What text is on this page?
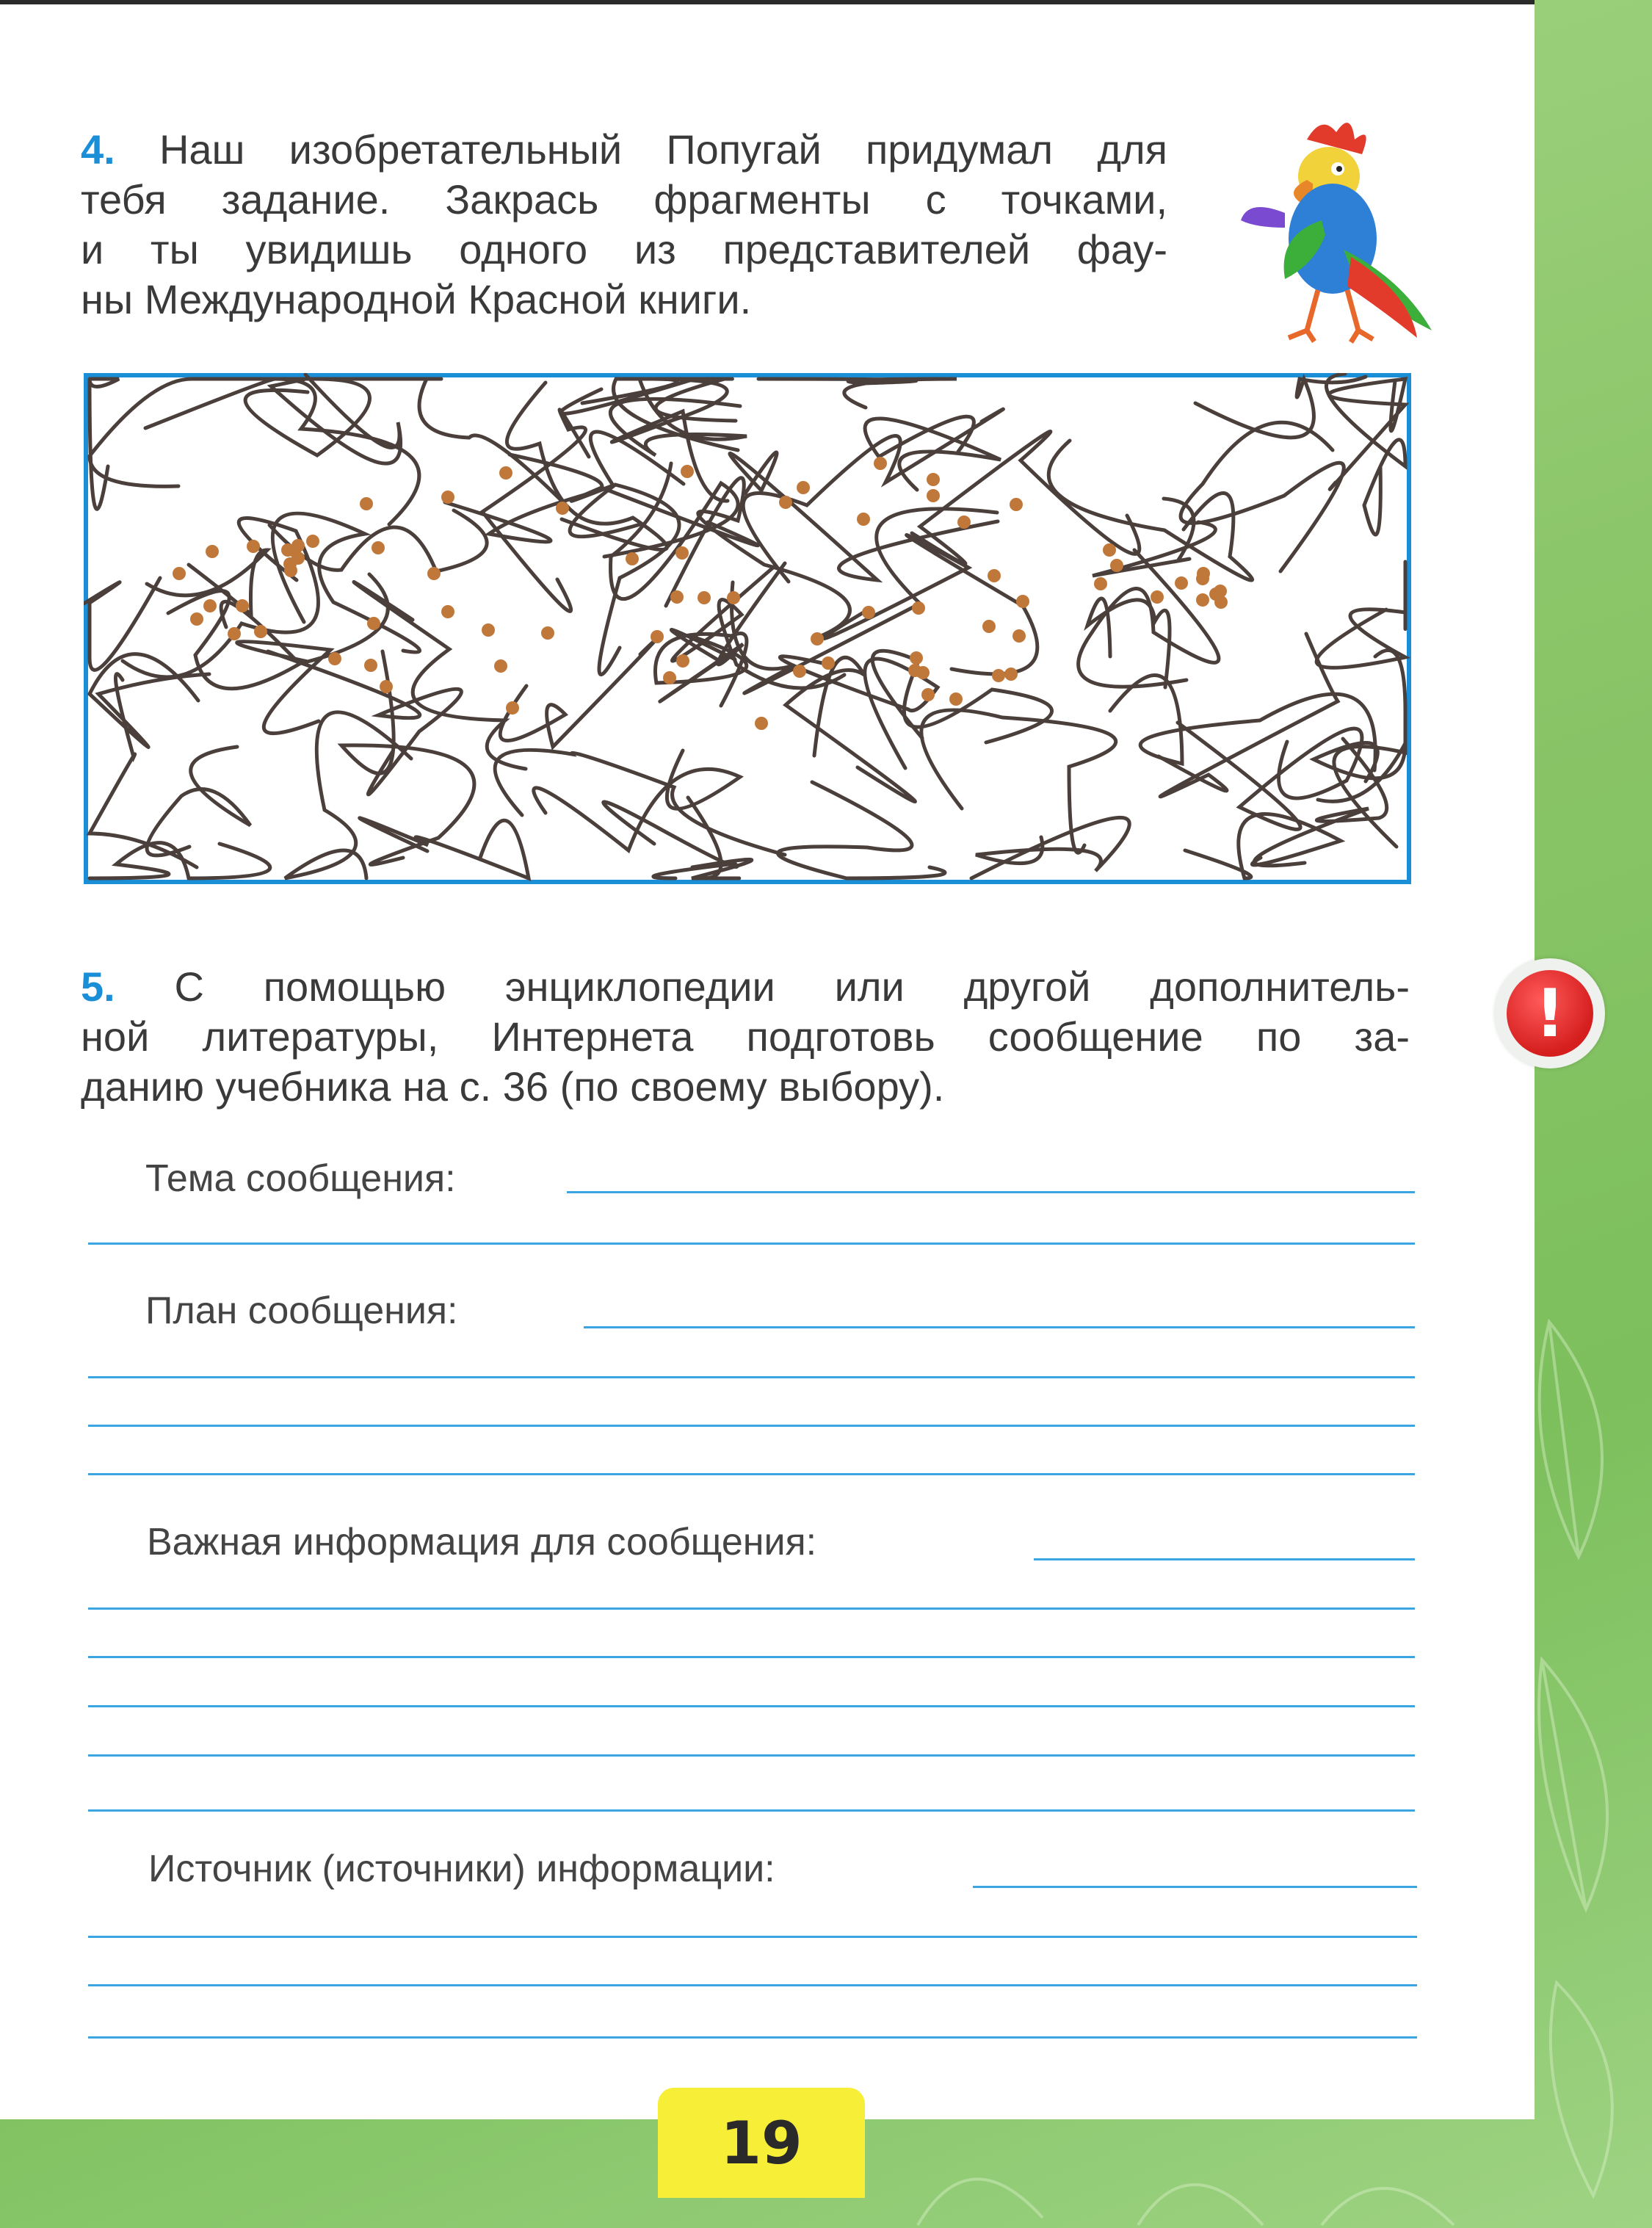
4. Наш изобретательный Попугай придумал для
тебя задание. Закрась фрагменты с точками,
и ты увидишь одного из представителей фау-
ны Международной Красной книги.
5. С помощью энциклопедии или другой дополнитель-
ной литературы, Интернета подготовь сообщение по за-
данию учебника на с. 36 (по своему выбору).
!
Тема сообщения:
План сообщения:
Важная информация для сообщения:
Источник (источники) информации:
19
